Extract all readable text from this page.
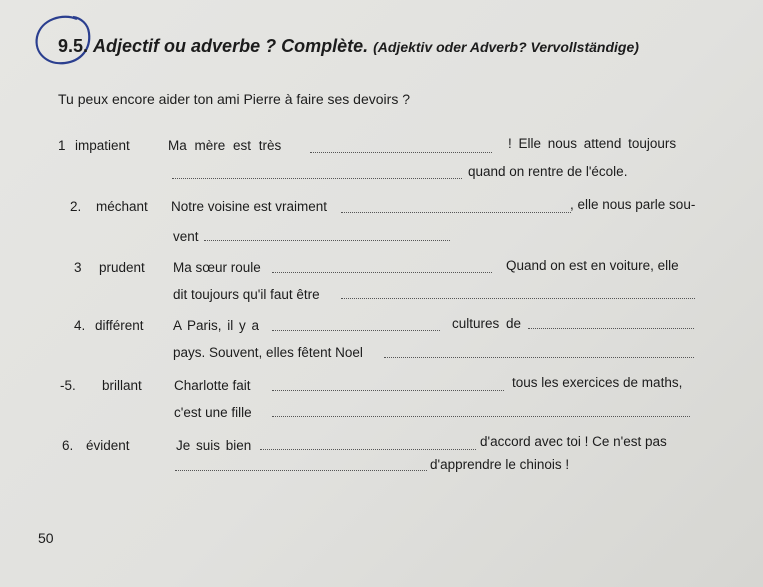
9.5. Adjectif ou adverbe ? Complète. (Adjektiv oder Adverb? Vervollständige)
Tu peux encore aider ton ami Pierre à faire ses devoirs ?
1 impatient	Ma mère est très	! Elle nous attend toujours
quand on rentre de l'école.
2. méchant Notre voisine est vraiment	, elle nous parle sou-
vent
3 prudent Ma sœur roule	Quand on est en voiture, elle
dit toujours qu'il faut être
4. différent A Paris, il y a	cultures de
pays. Souvent, elles fêtent Noel
-5. brillant Charlotte fait	tous les exercices de maths,
c'est une fille
6. évident	Je suis bien	d'accord avec toi ! Ce n'est pas
d'apprendre le chinois !
50
